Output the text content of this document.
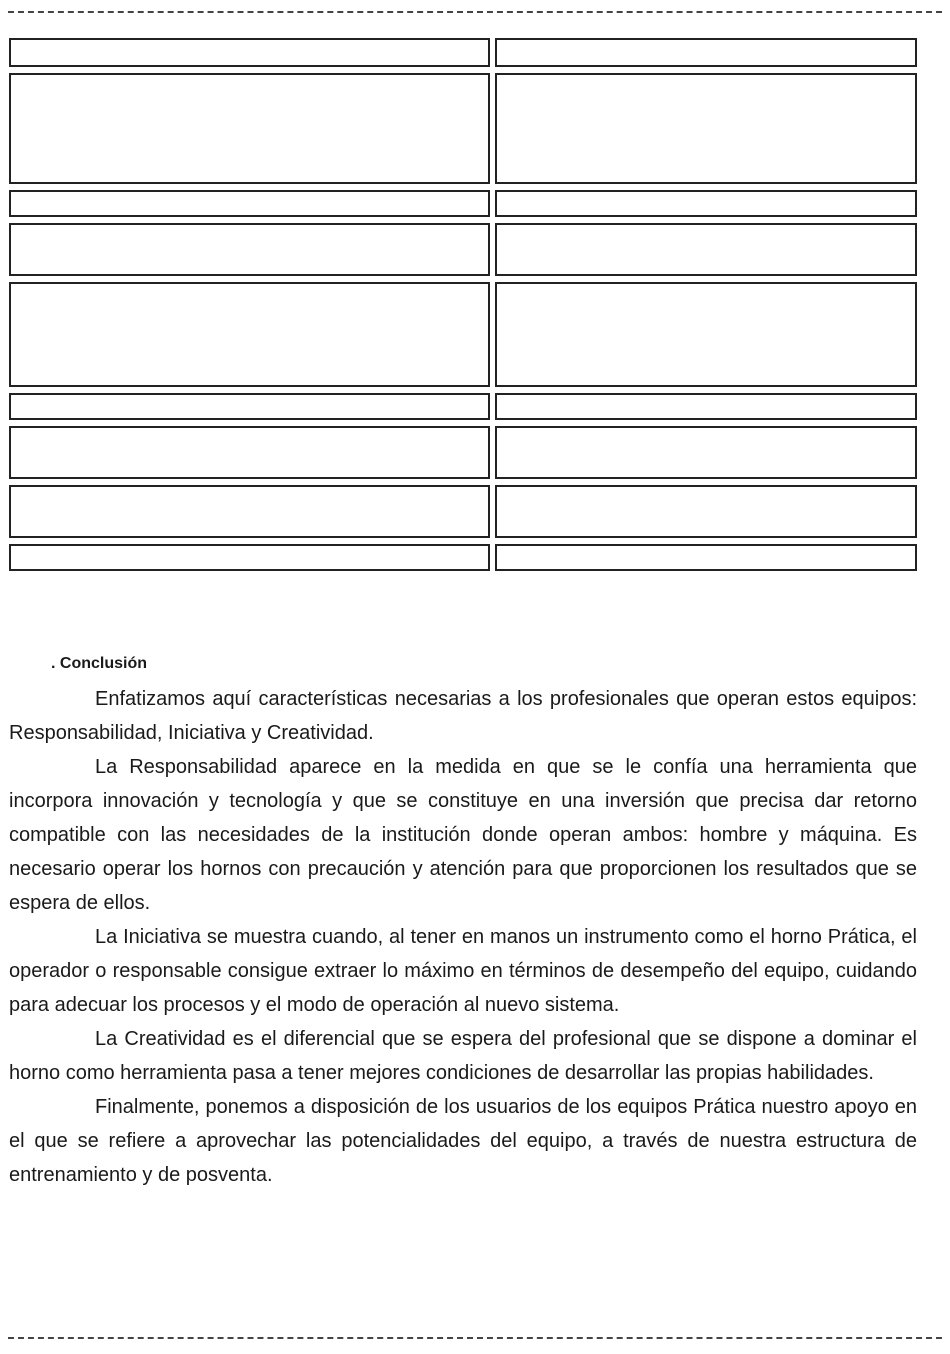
. Conclusión

Enfatizamos aquí características necesarias a los profesionales que operan estos equipos: Responsabilidad, Iniciativa y Creatividad.

La Responsabilidad aparece en la medida en que se le confía una herramienta que incorpora innovación y tecnología y que se constituye en una inversión que precisa dar retorno compatible con las necesidades de la institución donde operan ambos: hombre y máquina. Es necesario operar los hornos con precaución y atención para que proporcionen los resultados que se espera de ellos.

La Iniciativa se muestra cuando, al tener en manos un instrumento como el horno Prática, el operador o responsable consigue extraer lo máximo en términos de desempeño del equipo, cuidando para adecuar los procesos y el modo de operación al nuevo sistema.

La Creatividad es el diferencial que se espera del profesional que se dispone a dominar el horno como herramienta pasa a tener mejores condiciones de desarrollar las propias habilidades.

Finalmente, ponemos a disposición de los usuarios de los equipos Prática nuestro apoyo en el que se refiere a aprovechar las potencialidades del equipo, a través de nuestra estructura de entrenamiento y de posventa.
